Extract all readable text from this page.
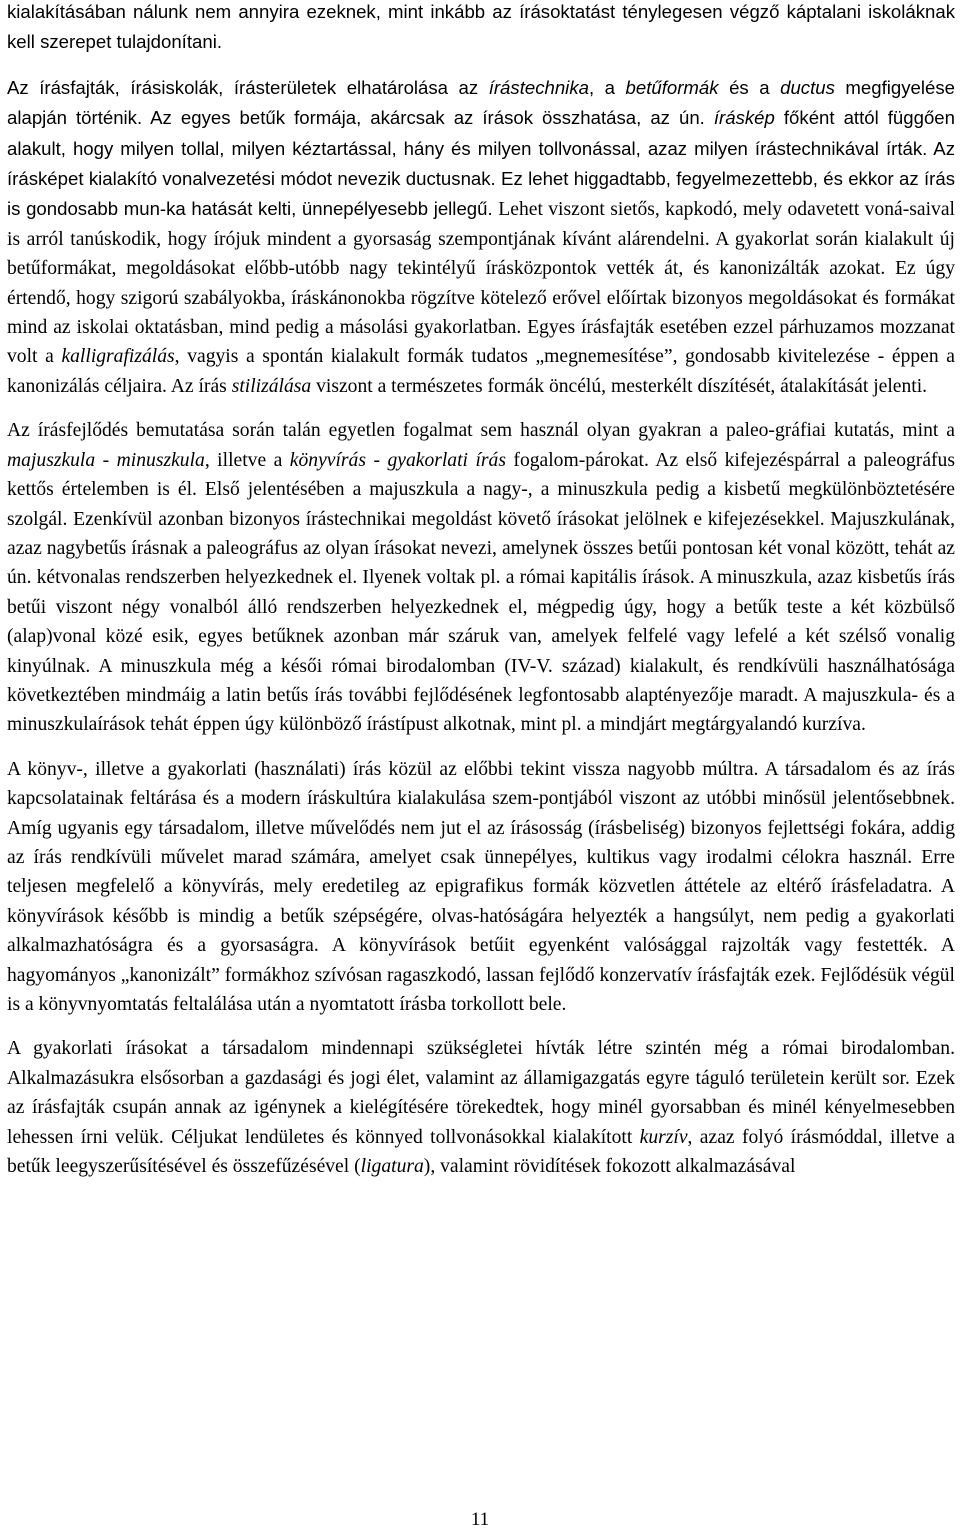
kialakításában nálunk nem annyira ezeknek, mint inkább az írásoktatást ténylegesen végző káptalani iskoláknak kell szerepet tulajdonítani.

Az írásfajták, írásiskolák, írásterületek elhatárolása az írástechnika, a betűformák és a ductus megfigyelése alapján történik. Az egyes betűk formája, akárcsak az írások összhatása, az ún. íráskép főként attól függően alakult, hogy milyen tollal, milyen kéztartással, hány és milyen tollvonással, azaz milyen írástechnikával írták. Az írásképet kialakító vonalvezetési módot nevezik ductusnak. Ez lehet higgadtabb, fegyelmezettebb, és ekkor az írás is gondosabb mun-ka hatását kelti, ünnepélyesebb jellegű. Lehet viszont sietős, kapkodó, mely odavetett voná-saival is arról tanúskodik, hogy írójuk mindent a gyorsaság szempontjának kívánt alárendelni. A gyakorlat során kialakult új betűformákat, megoldásokat előbb-utóbb nagy tekintélyű írásközpontok vették át, és kanonizálták azokat. Ez úgy értendő, hogy szigorú szabályokba, íráskánonokba rögzítve kötelező erővel előírtak bizonyos megoldásokat és formákat mind az iskolai oktatásban, mind pedig a másolási gyakorlatban. Egyes írásfajták esetében ezzel párhuzamos mozzanat volt a kalligrafizálás, vagyis a spontán kialakult formák tudatos „megnemesítése”, gondosabb kivitelezése - éppen a kanonizálás céljaira. Az írás stilizálása viszont a természetes formák öncélú, mesterkélt díszítését, átalakítását jelenti.

Az írásfejlődés bemutatása során talán egyetlen fogalmat sem használ olyan gyakran a paleo-gráfiai kutatás, mint a majuszkula - minuszkula, illetve a könyvírás - gyakorlati írás fogalom-párokat. Az első kifejezéspárral a paleográfus kettős értelemben is él. Első jelentésében a majuszkula a nagy-, a minuszkula pedig a kisbetű megkülönböztetésére szolgál. Ezenkívül azonban bizonyos írástechnikai megoldást követő írásokat jelölnek e kifejezésekkel. Majuszkulának, azaz nagybetűs írásnak a paleográfus az olyan írásokat nevezi, amelynek összes betűi pontosan két vonal között, tehát az ún. kétvonalas rendszerben helyezkednek el. Ilyenek voltak pl. a római kapitális írások. A minuszkula, azaz kisbetűs írás betűi viszont négy vonalból álló rendszerben helyezkednek el, mégpedig úgy, hogy a betűk teste a két közbülső (alap)vonal közé esik, egyes betűknek azonban már száruk van, amelyek felfelé vagy lefelé a két szélső vonalig kinyúlnak. A minuszkula még a késői római birodalomban (IV-V. század) kialakult, és rendkívüli használhatósága következtében mindmáig a latin betűs írás további fejlődésének legfontosabb alaptényezője maradt. A majuszkula- és a minuszkulaírások tehát éppen úgy különböző írástípust alkotnak, mint pl. a mindjárt megtárgyalandó kurzíva.

A könyv-, illetve a gyakorlati (használati) írás közül az előbbi tekint vissza nagyobb múltra. A társadalom és az írás kapcsolatainak feltárása és a modern íráskultúra kialakulása szem-pontjából viszont az utóbbi minősül jelentősebbnek. Amíg ugyanis egy társadalom, illetve művelődés nem jut el az írásosság (írásbeliség) bizonyos fejlettségi fokára, addig az írás rendkívüli művelet marad számára, amelyet csak ünnepélyes, kultikus vagy irodalmi célokra használ. Erre teljesen megfelelő a könyvírás, mely eredetileg az epigrafikus formák közvetlen áttétele az eltérő írásfeladatra. A könyvírások később is mindig a betűk szépségére, olvas-hatóságára helyezték a hangsúlyt, nem pedig a gyakorlati alkalmazhatóságra és a gyorsaságra. A könyvírások betűit egyenként valósággal rajzolták vagy festették. A hagyományos „kanonizált” formákhoz szívósan ragaszkodó, lassan fejlődő konzervatív írásfajták ezek. Fejlődésük végül is a könyvnyomtatás feltalálása után a nyomtatott írásba torkollott bele.

A gyakorlati írásokat a társadalom mindennapi szükségletei hívták létre szintén még a római birodalomban. Alkalmazásukra elsősorban a gazdasági és jogi élet, valamint az államigazgatás egyre táguló területein került sor. Ezek az írásfajták csupán annak az igénynek a kielégítésére törekedtek, hogy minél gyorsabban és minél kényelmesebben lehessen írni velük. Céljukat lendületes és könnyed tollvonásokkal kialakított kurzív, azaz folyó írásmóddal, illetve a betűk leegyszerűsítésével és összefűzésével (ligatura), valamint rövidítések fokozott alkalmazásával

11
